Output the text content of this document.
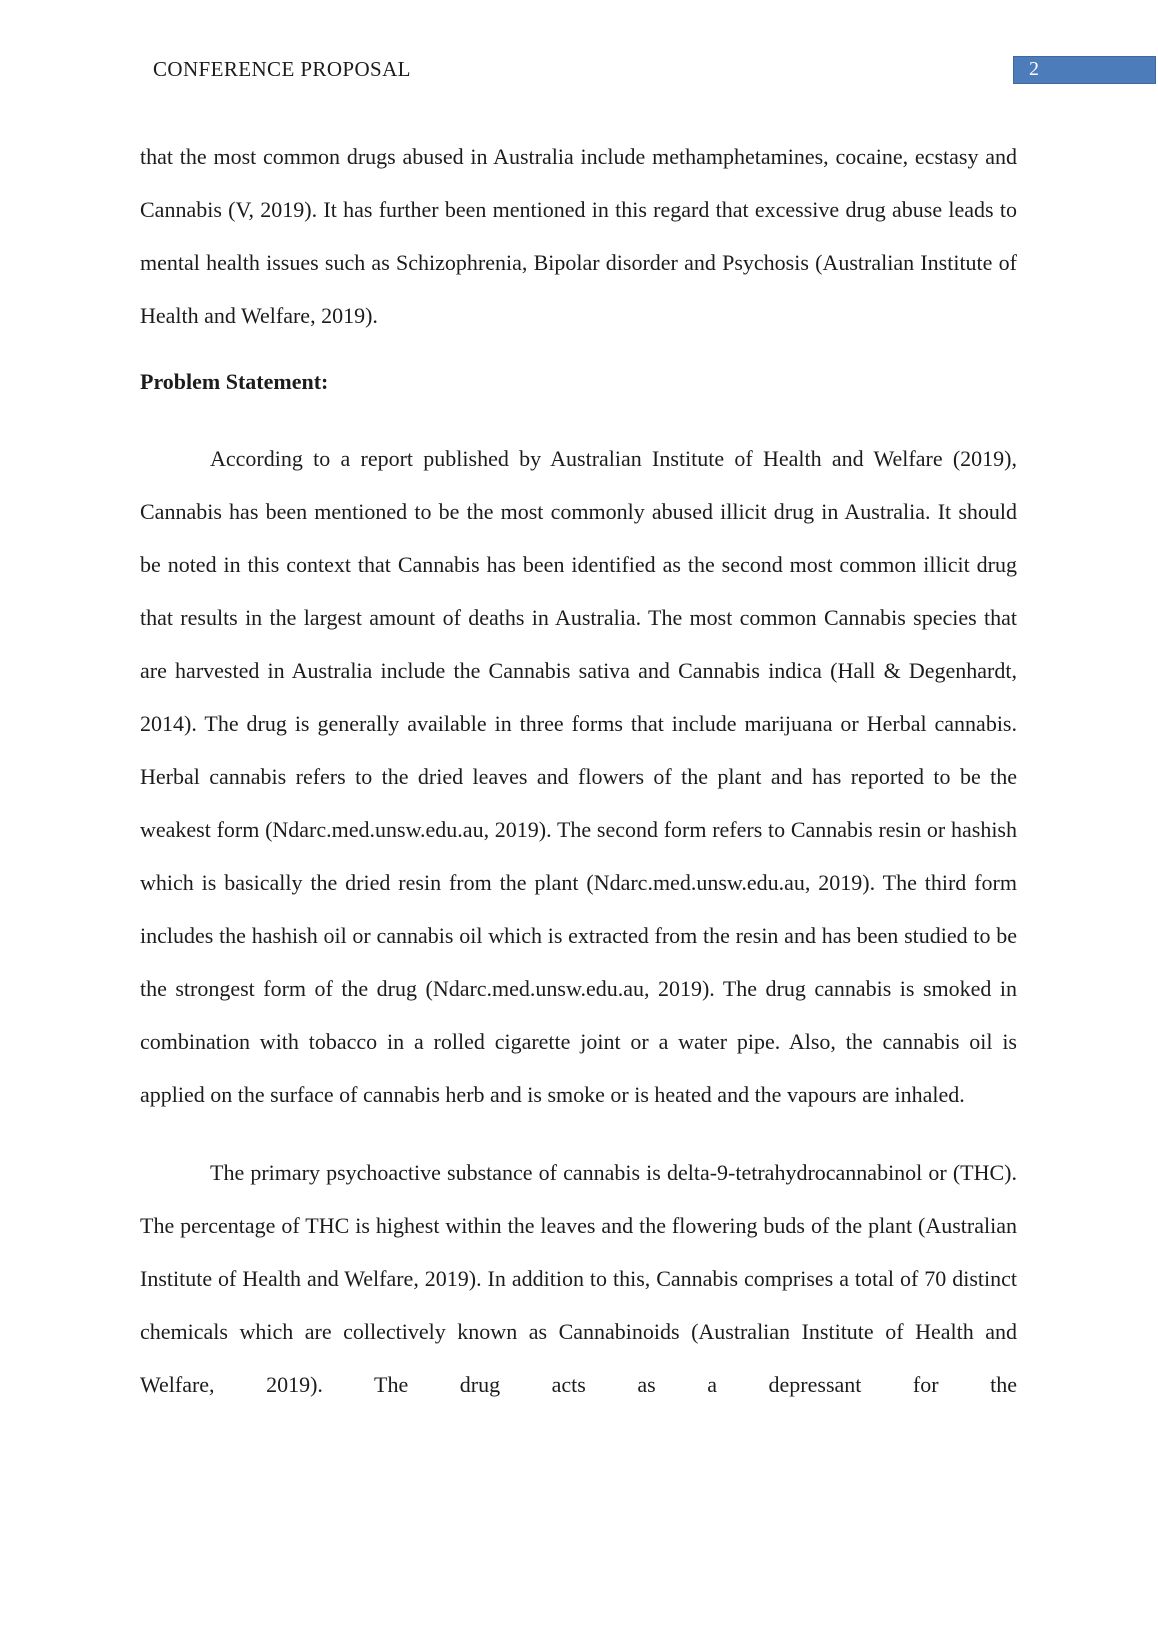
CONFERENCE PROPOSAL	2

that the most common drugs abused in Australia include methamphetamines, cocaine, ecstasy and Cannabis (V, 2019). It has further been mentioned in this regard that excessive drug abuse leads to mental health issues such as Schizophrenia, Bipolar disorder and Psychosis (Australian Institute of Health and Welfare, 2019).

Problem Statement:

According to a report published by Australian Institute of Health and Welfare (2019), Cannabis has been mentioned to be the most commonly abused illicit drug in Australia. It should be noted in this context that Cannabis has been identified as the second most common illicit drug that results in the largest amount of deaths in Australia. The most common Cannabis species that are harvested in Australia include the Cannabis sativa and Cannabis indica (Hall & Degenhardt, 2014). The drug is generally available in three forms that include marijuana or Herbal cannabis. Herbal cannabis refers to the dried leaves and flowers of the plant and has reported to be the weakest form (Ndarc.med.unsw.edu.au, 2019). The second form refers to Cannabis resin or hashish which is basically the dried resin from the plant (Ndarc.med.unsw.edu.au, 2019). The third form includes the hashish oil or cannabis oil which is extracted from the resin and has been studied to be the strongest form of the drug (Ndarc.med.unsw.edu.au, 2019). The drug cannabis is smoked in combination with tobacco in a rolled cigarette joint or a water pipe. Also, the cannabis oil is applied on the surface of cannabis herb and is smoke or is heated and the vapours are inhaled.

The primary psychoactive substance of cannabis is delta-9-tetrahydrocannabinol or (THC). The percentage of THC is highest within the leaves and the flowering buds of the plant (Australian Institute of Health and Welfare, 2019). In addition to this, Cannabis comprises a total of 70 distinct chemicals which are collectively known as Cannabinoids (Australian Institute of Health and Welfare, 2019). The drug acts as a depressant for the
